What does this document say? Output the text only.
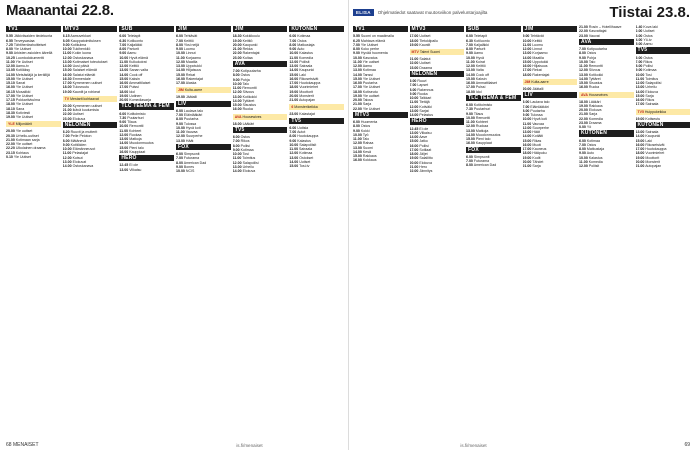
Maanantai 22.8.
TV1
5.55 Jälkiviisaiden tiedekunta
6.55 Terveysasiaa
7.25 Tähtiherärahoitteiset
8.00 Yle Uutiset
9.00 Arkisten asioiden äärellä
10.25 Luontodokumentti
11.00 Yle Uutiset
12.00 Aamu-tv
13.05 Kotiläksy
14.00 Metsästäjä ja keräilijä
15.00 Yle Uutiset
15.10 Sanat
16.00 Yle Uutiset
16.15 Mosaiikki
17.00 Yle Uutiset
17.15 Pokkaritvkulma
18.00 Yle Uutiset
18.10 Sana
18.30 Kotiviesti
19.00 Yle Uutiset
YLE Miljonäärit
20.00 Yle uutiset
20.30 Urheilu-uutiset
21.00 Kotimaan sarja
22.00 Yle uutiset
22.20 Ulkolainen draama
23.15 Kohtaus
0.10 Yle Uutiset
MTV3
6.15 Aamuvekkari
8.05 Kauppatoimituksen
9.00 Kotikulma
10.00 Tukihenkilö
11.00 Kokin luona
12.00 Ostoskanava
13.00 Kotimaiset toteutukset
14.00 Uusi päivä
15.00 Salaiset elämät
16.00 Salatut elämät
16.30 Emmerdale
17.00 Kymmenen uutiset
18.00 Tulosruutu
19.00 Kauniit ja rohkeat
TV Mestarit kohtaavat
20.00 Kymmenen uutiset
21.00 Ikävä kuulumisia
22.00 Uutiset
23.00 Elokuva
NELONEN
6.20 Ruuvit ja mutterit
7.00 Pelle Peloton
8.00 Mätänevä
9.00 Kotitöiden
10.00 Elämänneuvot
11.00 Pelastajat
12.00 Kutsut
13.00 Elokuvat
14.00 Ostoskanava
SUB
6.00 Teletapit
6.30 Kotiluonto
7.00 Kaljaläkki
8.00 Parturit
9.00 Aamu
10.00 Hyvä elämä
11.00 Kulkukoirat
12.00 Keittiö
13.00 Sanan valta
14.00 Cook off
15.00 Kaksin
16.00 Ammattilaiset
17.00 Pulssi
18.00 Idol
19.00 Uutinen
20.00 Komediasarja
TLC TEEMA & FEM
6.00 Kotitoimisto
7.30 Puutarhuri
9.00 Tilaus
10.00 Remontti
11.00 Kohteet
12.00 Ruokaa
13.00 Matkoja
14.00 Muodonmuutos
15.00 Pieni talo
16.00 Kauppiaat
HERO
12.45 Ei ole
13.00 Vilkaisu
JIM
6.00 Tehtävät
7.00 Keittiö
8.00 Yksi neljä
9.00 Luomu
10.00 Linnut
11.00 Korjaamo
12.00 Maatila
13.00 Uppotukki
14.00 Hiljaisuus
15.00 Rekat
16.00 Rakentajat
17.00 Alaska
JIM Kulta-aarre
19.00 Jäätalli
LIV
6.00 Laulava talo
7.00 Eläinlääkäri
8.00 Puutarha
9.00 Tulossa
10.00 Hyvä koti
11.00 Vauvaa
12.00 Suurperhe
13.00 Häät
FOX
6.00 Simpsonit
7.00 Futurama
8.00 American Dad
9.00 Bones
10.00 NCIS
JIM
18.30 Kokkikoulu
19.00 Keittiö
20.00 Kaupunki
21.00 Rekka
22.00 Rakentajat
23.00 Kultaa
AVA
7.00 Kotipuutarha
8.00 Ostos
9.00 Pohja
10.00 Talo
11.00 Remontti
12.00 Siivous
13.00 Kotikokki
14.00 Tyttäret
15.00 Sisustus
16.00 Ruoka
AVA Housewives
18.00 Lääkäri
TV5
6.00 Ostos
7.00 Rikos
8.00 Poliisi
9.00 Kotimaa
10.00 Tosi
11.00 Toimitus
12.00 Salapoliisi
13.00 Urheilu
14.00 Elokuva
KUTONEN
6.00 Kotimaa
7.00 Ostos
8.00 Matkustaja
9.00 Auto
10.00 Kalastus
11.00 Komedia
12.00 Poliisit
13.00 Sairaala
14.00 Kaupunki
15.00 Laki
16.00 Rikosetsivät
17.00 Huutokauppa
18.00 Vuorimiehet
19.00 Moottorit
20.00 Monsterit
21.00 Autopajan
6 Monsterikeikka
23.00 Kalastajat
TV5
6.00 Uutisia
7.00 Autot
8.00 Huutokauppa
9.00 Kalastus
10.00 Salapoliisit
11.00 Sairaala
12.00 Kotimaa
13.00 Ostokset
14.00 Uutiset
15.00 Tosi-tv
ELISA	Ohjelmatiedot saatavat muutosviikon palveluntarjoajilta	Tiistai 23.8.
TV1
5.55 Suomi on maailmalla
6.25 Mahtava elämä
7.00 Yle Uutiset
8.00 Koko perhe
9.00 Hyvää huomenta
10.00 Kasvatus
11.00 Yle uutiset
12.00 Aamu
13.00 Kotimaa
14.00 Tanssi
15.00 Yle Uutiset
16.00 Puutarha
17.00 Yle Uutiset
18.00 Kotiseutu
19.00 Yle uutiset
20.00 Talous
21.00 Sarja
22.00 Yle Uutiset
MTV3
6.00 Huomenta
8.00 Ostos
9.00 Kokki
10.00 Työ
11.00 Talo
12.00 Rahaa
13.00 Suomi
14.00 Kesä
15.00 Rakkaus
16.00 Kokkaus
MTV3
17.00 Uutiset
18.00 Tietokilpailu
19.00 Kauniit
MTV Talent Suomi
21.00 Salatut
22.00 Uutiset
23.00 Draama
NELONEN
6.00 Ruuvi
7.00 Lapset
8.00 Rakennus
9.00 Ruoka
10.00 Talkkari
11.00 Tietäjä
12.00 Kotiväki
13.00 Sarjat
14.00 Pelastus
HERO
12.45 Ei ole
13.00 Vilkaisu
14.00 Aave
15.00 Jatko
16.00 Poliisi
17.00 Sotilaat
18.00 Jäljet
19.00 Salaliitto
20.00 Elokuva
21.00 Hero
22.00 Jännitys
SUB
6.00 Teletapit
6.30 Kotiluonto
7.00 Kaljaläkki
8.00 Parturit
9.00 Aamu
10.00 Hyvä
11.00 Koirat
12.00 Keittiö
13.00 Valta
14.00 Cook off
15.00 Kaksin
16.00 Ammattilaiset
17.00 Pulssi
18.00 Idol
TLC TEEMA & FEM
6.00 Kotitoimisto
7.30 Puutarhuri
9.00 Tilaus
10.00 Remontti
11.00 Kohteet
12.00 Ruokaa
13.00 Matkoja
14.00 Muodonmuutos
15.00 Pieni talo
16.00 Kauppiaat
FOX
6.00 Simpsonit
7.00 Futurama
8.00 American Dad
JIM
9.00 Tehtävät
10.00 Keittiö
11.00 Luomu
12.00 Linnut
13.00 Korjaamo
14.00 Maatila
15.00 Uppotukki
16.00 Hiljaisuus
17.00 Rekat
18.00 Rakentajat
JIM Kulta-aarre
20.00 Jäätalli
LIV
6.00 Laulava talo
7.00 Eläinlääkäri
8.00 Puutarha
9.00 Tulossa
10.00 Hyvä koti
11.00 Vauvaa
12.00 Suurperhe
13.00 Häät
14.00 Kotiäiti
15.00 Rikas
16.00 Muoti
17.00 Kauneus
18.00 Hääpuku
19.00 Kodit
20.00 Tähdet
21.00 Sarja
21.00 Rosin – Hotellihaave
22.00 Kasvattajat
23.00 Vauvat
AVA
7.00 Kotipuutarha
8.00 Ostos
9.00 Pohja
10.00 Talo
11.00 Remontti
12.00 Siivous
13.00 Kotikokki
14.00 Tyttäret
15.00 Sisustus
16.00 Ruoka
AVA Housewives
18.00 Lääkäri
19.00 Rakkaus
20.00 Elokuva
21.00 Sarja
22.00 Komedia
23.00 Draama
0.00 Yö
KUTONEN
6.00 Kotimaa
7.00 Ostos
8.00 Matkustaja
9.00 Auto
10.00 Kalastus
11.00 Komedia
12.00 Poliisit
1.40 Kova laki
2.00 Uutiset
3.00 Ostos
4.00 Yö-tv
5.00 Aamu
TV5
6.00 Ostos
7.00 Rikos
8.00 Poliisi
9.00 Kotimaa
10.00 Tosi
11.00 Toimitus
12.00 Salapoliisi
13.00 Urheilu
14.00 Elokuva
15.00 Sarja
16.00 Rikos
17.00 Sairaala
TV5 Huippukeikka
19.00 Kotiseutu
KUTONEN
13.00 Sairaala
14.00 Kaupunki
15.00 Laki
16.00 Rikosetsivät
17.00 Huutokauppa
18.00 Vuorimiehet
19.00 Moottorit
20.00 Monsterit
21.00 Autopajan
68 MENAISET	is.fi/menaiset	is.fi/menaiset	69
